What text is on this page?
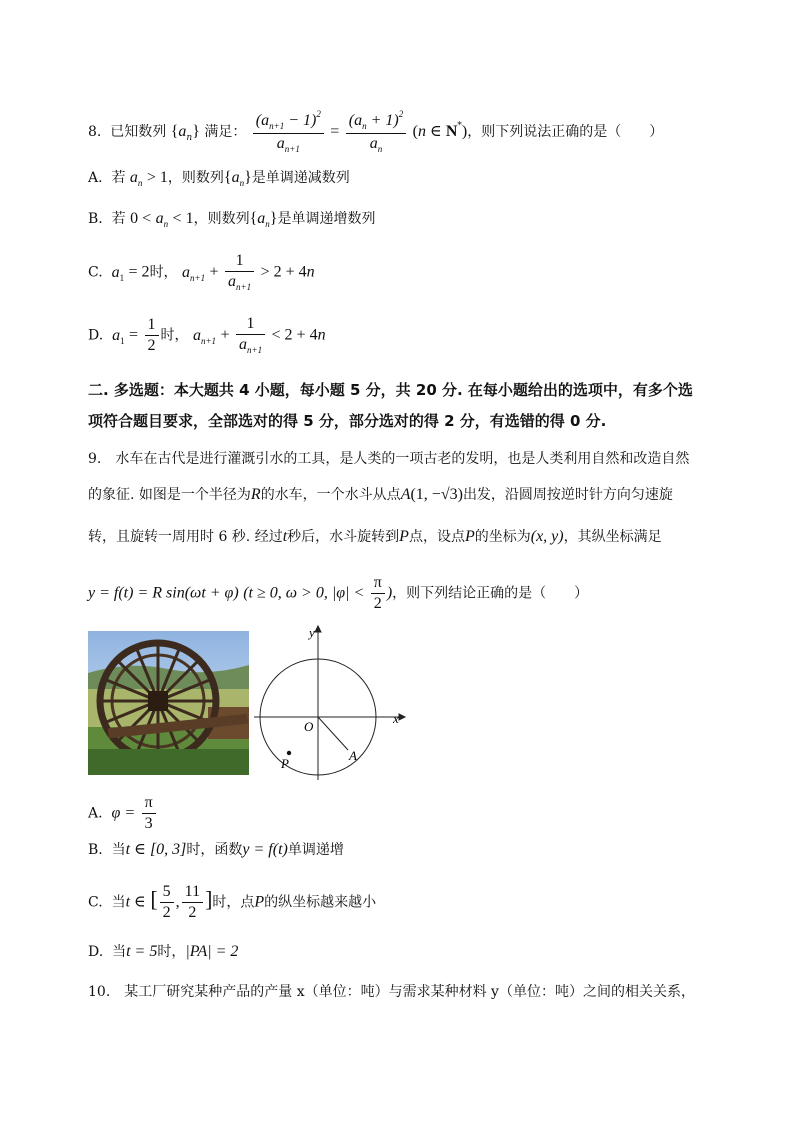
8. 已知数列 $\{a_n\}$ 满足： $\frac{(a_{n+1} - 1)^2}{a_{n+1}} = \frac{(a_n + 1)^2}{a_n} (n$ ∈ N*)，则下列说法正确的是（　　）
A. 若 $a_n > 1$，则数列$\{a_n\}$是单调递减数列
B. 若 $0 < a_n < 1$，则数列$\{a_n\}$是单调递增数列
C. $a_1 = 2$时， $a_{n+1} + \frac{1}{a_{n+1}} > 2 + 4n$
D. $a_1 = \frac{1}{2}$ 时， $a_{n+1} + \frac{1}{a_{n+1}} < 2 + 4n$
二. 多选题：本大题共 4 小题，每小题 5 分，共 20 分. 在每小题给出的选项中，有多个选
项符合题目要求，全部选对的得 5 分，部分选对的得 2 分，有选错的得 0 分.
9.　水车在古代是进行灌溉引水的工具，是人类的一项古老的发明，也是人类利用自然和改造自然
的象征. 如图是一个半径为R的水车，一个水斗从点A(1, −√3)出发，沿圆周按逆时针方向匀速旋
转，且旋转一周用时 6 秒. 经过t秒后，水斗旋转到P点，设点P的坐标为(x, y)，其纵坐标满足
y = f(t) = R sin(ωt + φ) (t ≥ 0, ω > 0, $|\varphi| < \frac{\pi}{2}$ )，则下列结论正确的是（　　）
y
x
O
A
P
A. $\varphi = \frac{\pi}{3}$
B. 当t ∈ [0, 3]时，函数y = f(t)单调递增
C. 当t ∈ [ $\frac{5}{2}$ , $\frac{11}{2}$ ]时，点P的纵坐标越来越小
D. 当t = 5时，|PA| = 2
10.　某工厂研究某种产品的产量 x（单位：吨）与需求某种材料 y（单位：吨）之间的相关关系，
